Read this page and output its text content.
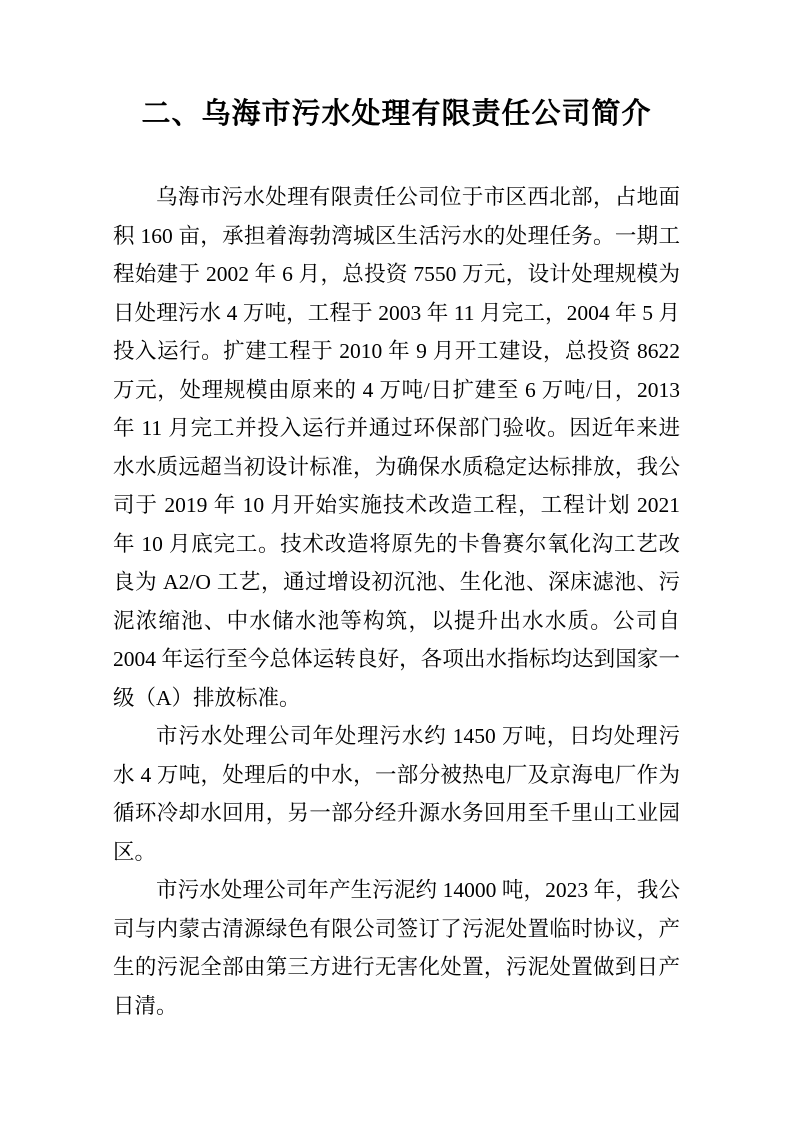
二、乌海市污水处理有限责任公司简介

乌海市污水处理有限责任公司位于市区西北部，占地面积 160 亩，承担着海勃湾城区生活污水的处理任务。一期工程始建于 2002 年 6 月，总投资 7550 万元，设计处理规模为日处理污水 4 万吨，工程于 2003 年 11 月完工，2004 年 5 月投入运行。扩建工程于 2010 年 9 月开工建设，总投资 8622 万元，处理规模由原来的 4 万吨/日扩建至 6 万吨/日，2013 年 11 月完工并投入运行并通过环保部门验收。因近年来进水水质远超当初设计标准，为确保水质稳定达标排放，我公司于 2019 年 10 月开始实施技术改造工程，工程计划 2021 年 10 月底完工。技术改造将原先的卡鲁赛尔氧化沟工艺改良为 A2/O 工艺，通过增设初沉池、生化池、深床滤池、污泥浓缩池、中水储水池等构筑，以提升出水水质。公司自 2004 年运行至今总体运转良好，各项出水指标均达到国家一级（A）排放标准。

市污水处理公司年处理污水约 1450 万吨，日均处理污水 4 万吨，处理后的中水，一部分被热电厂及京海电厂作为循环冷却水回用，另一部分经升源水务回用至千里山工业园区。

市污水处理公司年产生污泥约 14000 吨，2023 年，我公司与内蒙古清源绿色有限公司签订了污泥处置临时协议，产生的污泥全部由第三方进行无害化处置，污泥处置做到日产日清。
